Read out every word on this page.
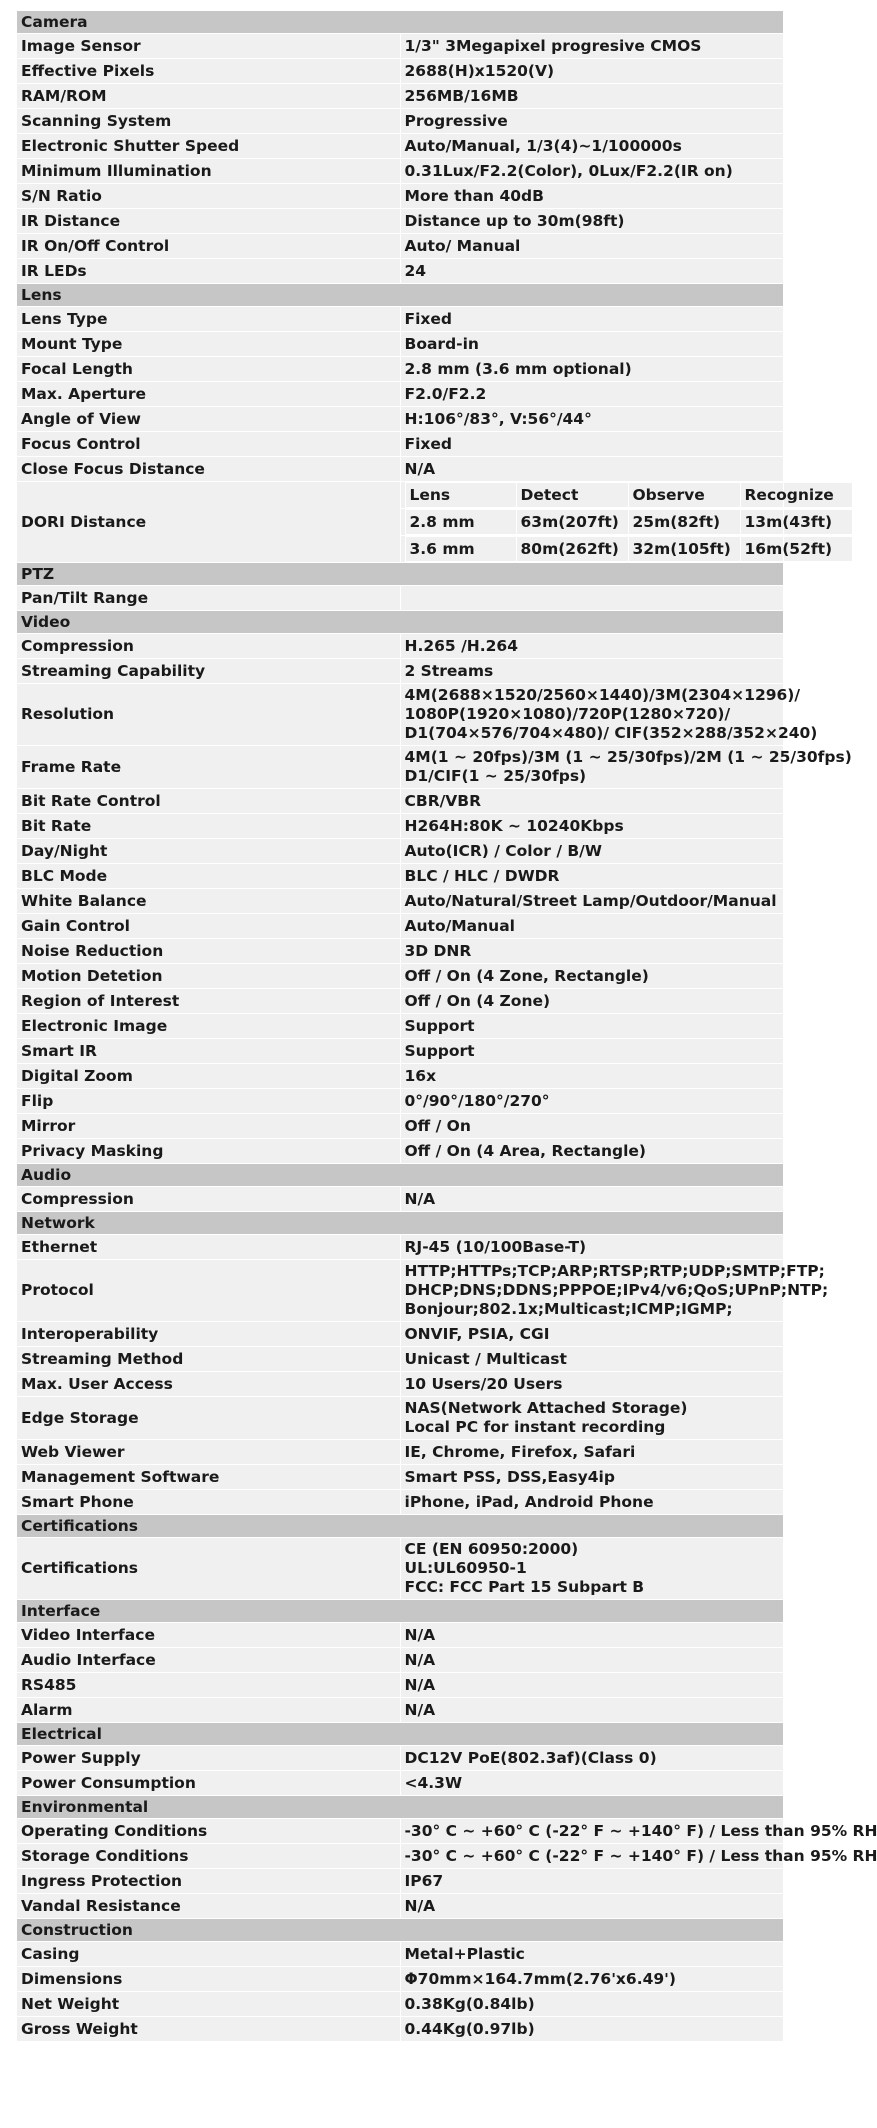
Camera
Image Sensor	1/3" 3Megapixel progresive CMOS

Effective Pixels	2688(H)x1520(V)

RAM/ROM	256MB/16MB

Scanning System	Progressive

Electronic Shutter Speed	Auto/Manual, 1/3(4)~1/100000s

Minimum Illumination	0.31Lux/F2.2(Color), 0Lux/F2.2(IR on)

S/N Ratio	More than 40dB

IR Distance	Distance up to 30m(98ft)

IR On/Off Control	Auto/ Manual

IR LEDs	24

Lens
Lens Type	Fixed

Mount Type	Board-in

Focal Length	2.8 mm (3.6 mm optional)

Max. Aperture	F2.0/F2.2

Angle of View	H:106°/83°, V:56°/44°

Focus Control	Fixed

Close Focus Distance	N/A

DORI Distance	
Lens	Detect	Observe	Recognize	

2.8 mm	63m(207ft)	25m(82ft)	13m(43ft)	

3.6 mm	80m(262ft)	32m(105ft)	16m(52ft)	

PTZ
Pan/Tilt Range	

Video
Compression	H.265 /H.264

Streaming Capability	2 Streams

Resolution	
4M(2688×1520/2560×1440)/3M(2304×1296)/
1080P(1920×1080)/720P(1280×720)/
D1(704×576/704×480)/ CIF(352×288/352×240)

Frame Rate	
4M(1 ~ 20fps)/3M (1 ~ 25/30fps)/2M (1 ~ 25/30fps)
D1/CIF(1 ~ 25/30fps)

Bit Rate Control	CBR/VBR

Bit Rate	H264H:80K ~ 10240Kbps

Day/Night	Auto(ICR) / Color / B/W

BLC Mode	BLC / HLC / DWDR

White Balance	Auto/Natural/Street Lamp/Outdoor/Manual

Gain Control	Auto/Manual

Noise Reduction	3D DNR

Motion Detetion	Off / On (4 Zone, Rectangle)

Region of Interest	Off / On (4 Zone)

Electronic Image	Support

Smart IR	Support

Digital Zoom	16x

Flip	0°/90°/180°/270°

Mirror	Off / On

Privacy Masking	Off / On (4 Area, Rectangle)

Audio
Compression	N/A

Network
Ethernet	RJ-45 (10/100Base-T)

Protocol	
HTTP;HTTPs;TCP;ARP;RTSP;RTP;UDP;SMTP;FTP;
DHCP;DNS;DDNS;PPPOE;IPv4/v6;QoS;UPnP;NTP;
Bonjour;802.1x;Multicast;ICMP;IGMP;

Interoperability	ONVIF, PSIA, CGI

Streaming Method	Unicast / Multicast

Max. User Access	10 Users/20 Users

Edge Storage	
NAS(Network Attached Storage)
Local PC for instant recording

Web Viewer	IE, Chrome, Firefox, Safari

Management Software	Smart PSS, DSS,Easy4ip

Smart Phone	iPhone, iPad, Android Phone

Certifications
Certifications	
CE (EN 60950:2000)
UL:UL60950-1
FCC: FCC Part 15 Subpart B

Interface
Video Interface	N/A

Audio Interface	N/A

RS485	N/A

Alarm	N/A

Electrical
Power Supply	DC12V PoE(802.3af)(Class 0)

Power Consumption	<4.3W

Environmental
Operating Conditions	-30° C ~ +60° C (-22° F ~ +140° F) / Less than 95% RH

Storage Conditions	-30° C ~ +60° C (-22° F ~ +140° F) / Less than 95% RH

Ingress Protection	IP67

Vandal Resistance	N/A

Construction
Casing	Metal+Plastic

Dimensions	Φ70mm×164.7mm(2.76'x6.49')

Net Weight	0.38Kg(0.84lb)

Gross Weight	0.44Kg(0.97lb)
